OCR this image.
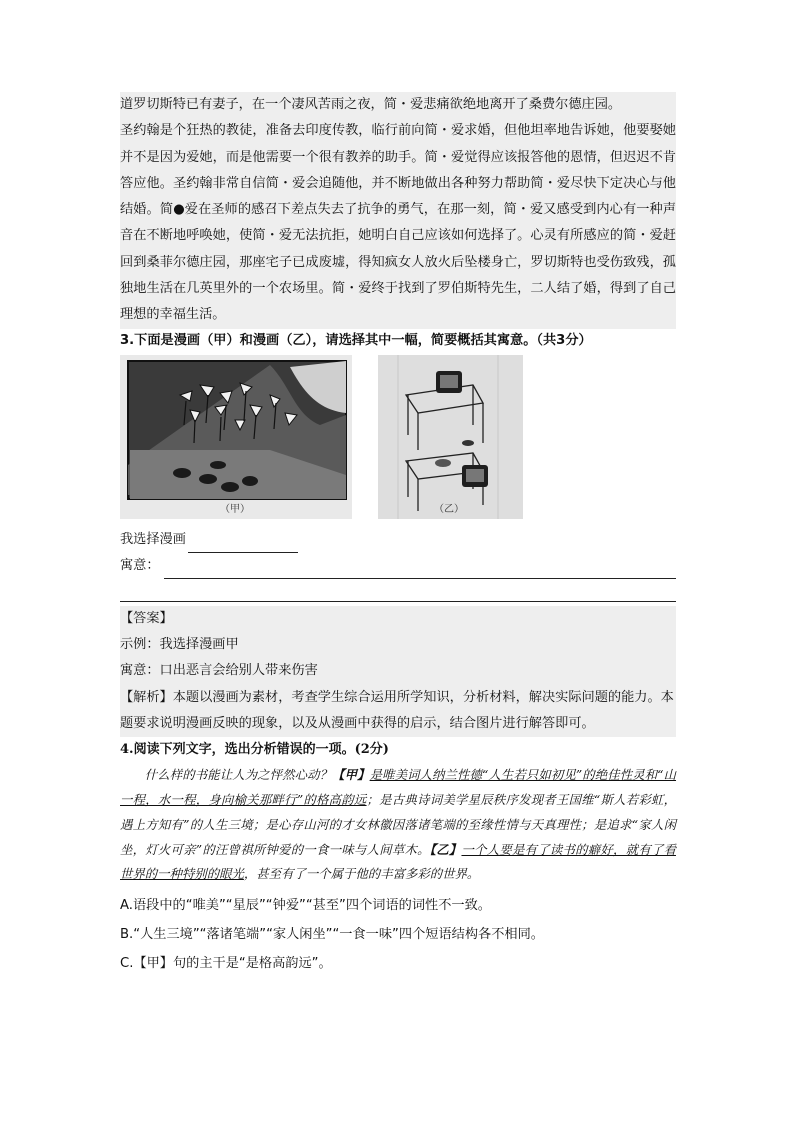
道罗切斯特已有妻子，在一个凄风苦雨之夜，简・爱悲痛欲绝地离开了桑费尔德庄园。

圣约翰是个狂热的教徒，准备去印度传教，临行前向简・爱求婚，但他坦率地告诉她，他要娶她并不是因为爱她，而是他需要一个很有教养的助手。简・爱觉得应该报答他的恩情，但迟迟不肯答应他。圣约翰非常自信简・爱会追随他，并不断地做出各种努力帮助简・爱尽快下定决心与他结婚。简●爱在圣师的感召下差点失去了抗争的勇气，在那一刻，简・爱又感受到内心有一种声音在不断地呼唤她，使简・爱无法抗拒，她明白自己应该如何选择了。心灵有所感应的简・爱赶回到桑菲尔德庄园，那座宅子已成废墟，得知疯女人放火后坠楼身亡，罗切斯特也受伤致残，孤独地生活在几英里外的一个农场里。简・爱终于找到了罗伯斯特先生，二人结了婚，得到了自己理想的幸福生活。

3.下面是漫画（甲）和漫画（乙），请选择其中一幅，简要概括其寓意。（共3分）

（甲）	（乙）
我选择漫画
寓意：

【答案】

示例：我选择漫画甲

寓意：口出恶言会给别人带来伤害

【解析】本题以漫画为素材，考查学生综合运用所学知识，分析材料，解决实际问题的能力。本题要求说明漫画反映的现象，以及从漫画中获得的启示，结合图片进行解答即可。

4.阅读下列文字，选出分析错误的一项。(2分)

什么样的书能让人为之怦然心动？【甲】是唯美词人纳兰性德“人生若只如初见”的绝佳性灵和“山一程，水一程，身向榆关那畔行”的格高韵远；是古典诗词美学星辰秩序发现者王国维“斯人若彩虹，遇上方知有”的人生三境；是心存山河的才女林徽因落诸笔端的至缘性情与天真理性；是追求“家人闲坐，灯火可亲”的汪曾祺所钟爱的一食一味与人间草木。【乙】一个人要是有了读书的癖好，就有了看世界的一种特别的眼光，甚至有了一个属于他的丰富多彩的世界。

A.语段中的“唯美”“星辰”“钟爱”“甚至”四个词语的词性不一致。

B.“人生三境”“落诸笔端”“家人闲坐”“一食一味”四个短语结构各不相同。

C.【甲】句的主干是“是格高韵远”。
